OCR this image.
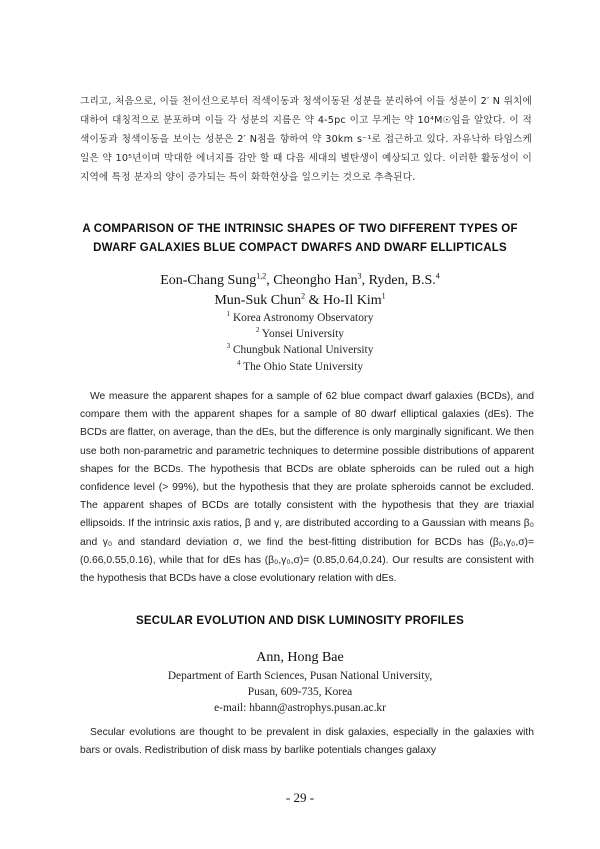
그리고, 처음으로, 이들 천이선으로부터 적색이동과 청색이동된 성분을 분리하여 이들 성분이 2′ N 위치에 대하여 대칭적으로 분포하며 이들 각 성분의 지름은 약 4-5pc 이고 무게는 약 10⁴M☉임을 알았다. 이 적색이동과 청색이동을 보이는 성분은 2′ N점을 향하여 약 30km s⁻¹로 접근하고 있다. 자유낙하 타임스케일은 약 10⁵년이며 막대한 에너지를 감안 할 때 다음 세대의 별탄생이 예상되고 있다. 이러한 활동성이 이 지역에 특정 분자의 양이 증가되는 특이 화학현상을 일으키는 것으로 추측된다.

A COMPARISON OF THE INTRINSIC SHAPES OF TWO DIFFERENT TYPES OF
DWARF GALAXIES BLUE COMPACT DWARFS AND DWARF ELLIPTICALS
Eon-Chang Sung$^{1,2}$, Cheongho Han$^3$, Ryden, B.S.$^4$
Mun-Suk Chun$^2$ & Ho-Il Kim$^1$
$^1$ Korea Astronomy Observatory
$^2$ Yonsei University
$^3$ Chungbuk National University
$^4$ The Ohio State University

We measure the apparent shapes for a sample of 62 blue compact dwarf galaxies (BCDs), and compare them with the apparent shapes for a sample of 80 dwarf elliptical galaxies (dEs). The BCDs are flatter, on average, than the dEs, but the difference is only marginally significant. We then use both non-parametric and parametric techniques to determine possible distributions of apparent shapes for the BCDs. The hypothesis that BCDs are oblate spheroids can be ruled out a high confidence level (> 99%), but the hypothesis that they are prolate spheroids cannot be excluded. The apparent shapes of BCDs are totally consistent with the hypothesis that they are triaxial ellipsoids. If the intrinsic axis ratios, β and γ, are distributed according to a Gaussian with means β₀ and γ₀ and standard deviation σ, we find the best-fitting distribution for BCDs has (β₀,γ₀,σ)= (0.66,0.55,0.16), while that for dEs has (β₀,γ₀,σ)= (0.85,0.64,0.24). Our results are consistent with the hypothesis that BCDs have a close evolutionary relation with dEs.

SECULAR EVOLUTION AND DISK LUMINOSITY PROFILES
Ann, Hong Bae
Department of Earth Sciences, Pusan National University,
Pusan, 609-735, Korea
e-mail: hbann@astrophys.pusan.ac.kr

Secular evolutions are thought to be prevalent in disk galaxies, especially in the galaxies with bars or ovals. Redistribution of disk mass by barlike potentials changes galaxy

- 29 -
